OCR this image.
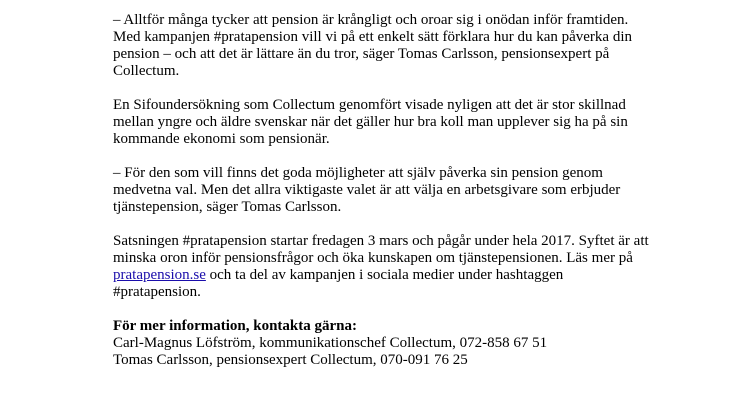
– Alltför många tycker att pension är krångligt och oroar sig i onödan inför framtiden.
Med kampanjen #pratapension vill vi på ett enkelt sätt förklara hur du kan påverka din
pension – och att det är lättare än du tror, säger Tomas Carlsson, pensionsexpert på
Collectum.

En Sifoundersökning som Collectum genomfört visade nyligen att det är stor skillnad
mellan yngre och äldre svenskar när det gäller hur bra koll man upplever sig ha på sin
kommande ekonomi som pensionär.

– För den som vill finns det goda möjligheter att själv påverka sin pension genom
medvetna val. Men det allra viktigaste valet är att välja en arbetsgivare som erbjuder
tjänstepension, säger Tomas Carlsson.

Satsningen #pratapension startar fredagen 3 mars och pågår under hela 2017. Syftet är att
minska oron inför pensionsfrågor och öka kunskapen om tjänstepensionen. Läs mer på
pratapension.se och ta del av kampanjen i sociala medier under hashtaggen
#pratapension.

För mer information, kontakta gärna:
Carl-Magnus Löfström, kommunikationschef Collectum, 072-858 67 51
Tomas Carlsson, pensionsexpert Collectum, 070-091 76 25
